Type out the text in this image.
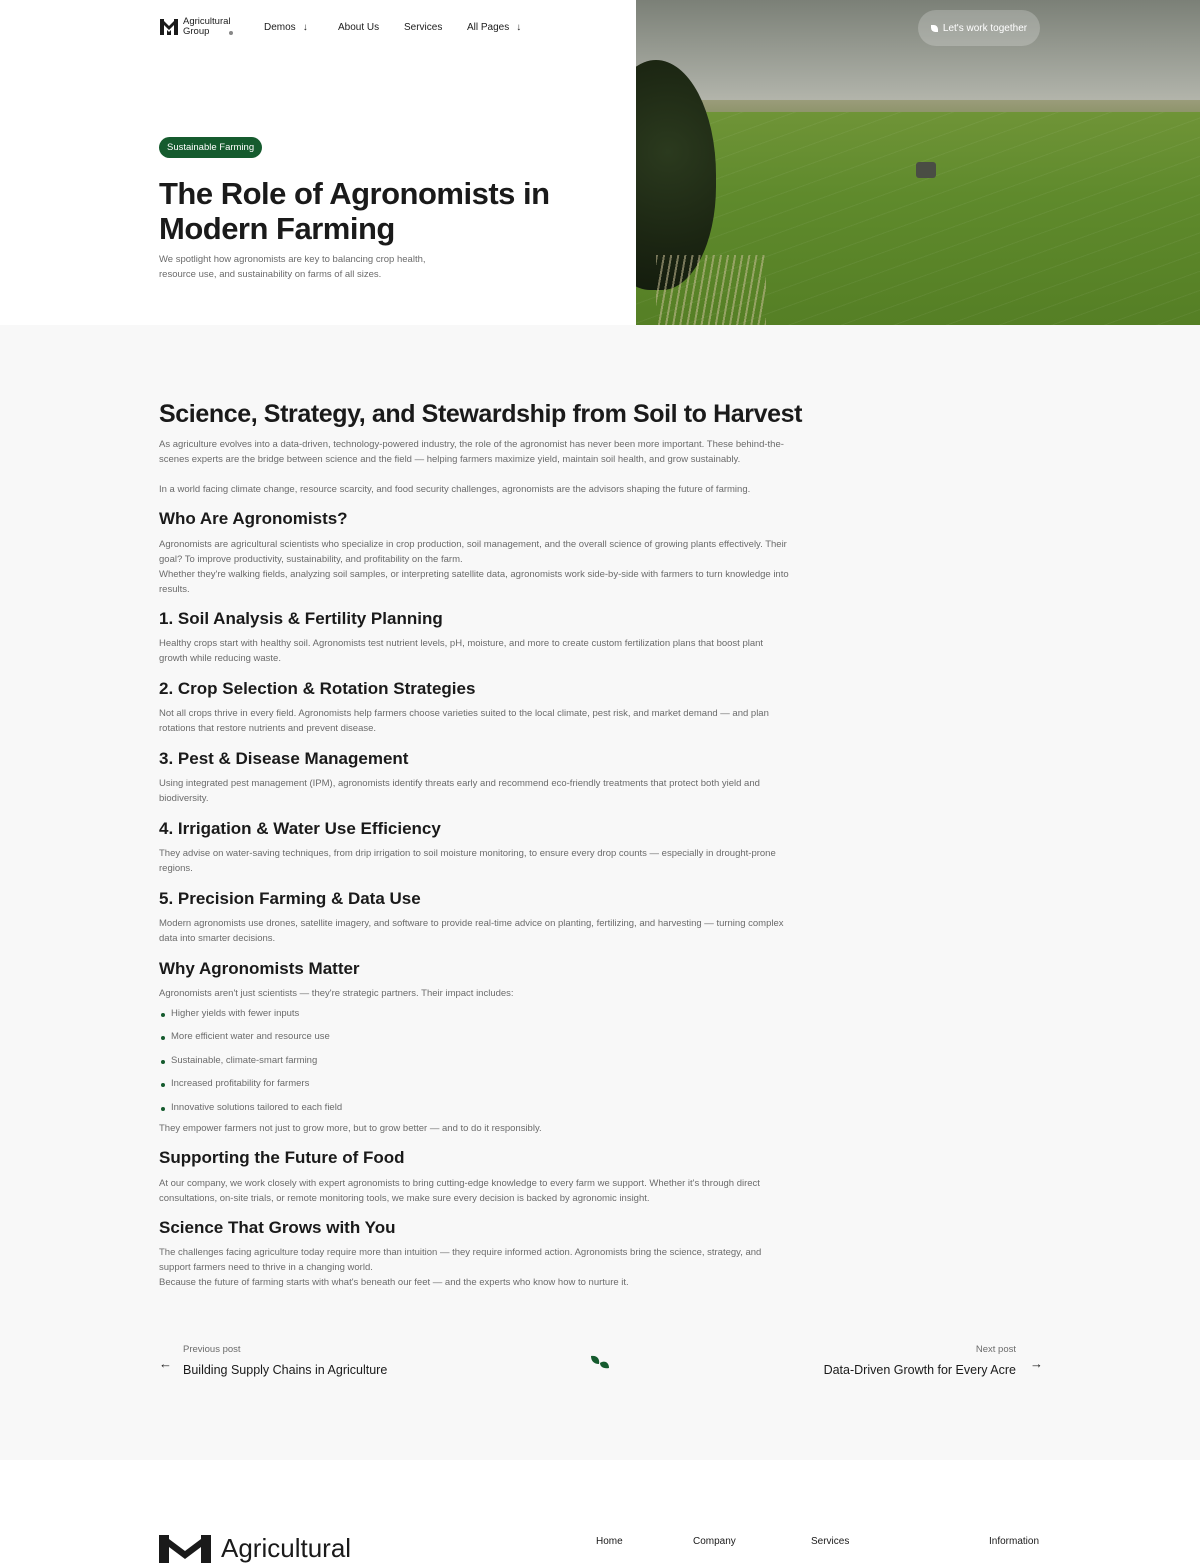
Agricultural
Group	Demos ↓	About Us Services All Pages ↓
Sustainable Farming
The Role of Agronomists in Modern Farming

We spotlight how agronomists are key to balancing crop health, resource use, and sustainability on farms of all sizes.

Let's work together
Science, Strategy, and Stewardship from Soil to Harvest

As agriculture evolves into a data-driven, technology-powered industry, the role of the agronomist has never been more important. These behind-the-scenes experts are the bridge between science and the field — helping farmers maximize yield, maintain soil health, and grow sustainably.

In a world facing climate change, resource scarcity, and food security challenges, agronomists are the advisors shaping the future of farming.

Who Are Agronomists?

Agronomists are agricultural scientists who specialize in crop production, soil management, and the overall science of growing plants effectively. Their goal? To improve productivity, sustainability, and profitability on the farm.

Whether they're walking fields, analyzing soil samples, or interpreting satellite data, agronomists work side-by-side with farmers to turn knowledge into results.

1. Soil Analysis & Fertility Planning

Healthy crops start with healthy soil. Agronomists test nutrient levels, pH, moisture, and more to create custom fertilization plans that boost plant growth while reducing waste.

2. Crop Selection & Rotation Strategies

Not all crops thrive in every field. Agronomists help farmers choose varieties suited to the local climate, pest risk, and market demand — and plan rotations that restore nutrients and prevent disease.

3. Pest & Disease Management

Using integrated pest management (IPM), agronomists identify threats early and recommend eco-friendly treatments that protect both yield and biodiversity.

4. Irrigation & Water Use Efficiency

They advise on water-saving techniques, from drip irrigation to soil moisture monitoring, to ensure every drop counts — especially in drought-prone regions.

5. Precision Farming & Data Use

Modern agronomists use drones, satellite imagery, and software to provide real-time advice on planting, fertilizing, and harvesting — turning complex data into smarter decisions.

Why Agronomists Matter

Agronomists aren't just scientists — they're strategic partners. Their impact includes:

Higher yields with fewer inputs
More efficient water and resource use
Sustainable, climate-smart farming
Increased profitability for farmers
Innovative solutions tailored to each field

They empower farmers not just to grow more, but to grow better — and to do it responsibly.

Supporting the Future of Food

At our company, we work closely with expert agronomists to bring cutting-edge knowledge to every farm we support. Whether it's through direct consultations, on-site trials, or remote monitoring tools, we make sure every decision is backed by agronomic insight.

Science That Grows with You

The challenges facing agriculture today require more than intuition — they require informed action. Agronomists bring the science, strategy, and support farmers need to thrive in a changing world.

Because the future of farming starts with what's beneath our feet — and the experts who know how to nurture it.

←
Previous post
Building Supply Chains in Agriculture
Next post
Data-Driven Growth for Every Acre →
Agricultural	Home	Company	Services	Information
